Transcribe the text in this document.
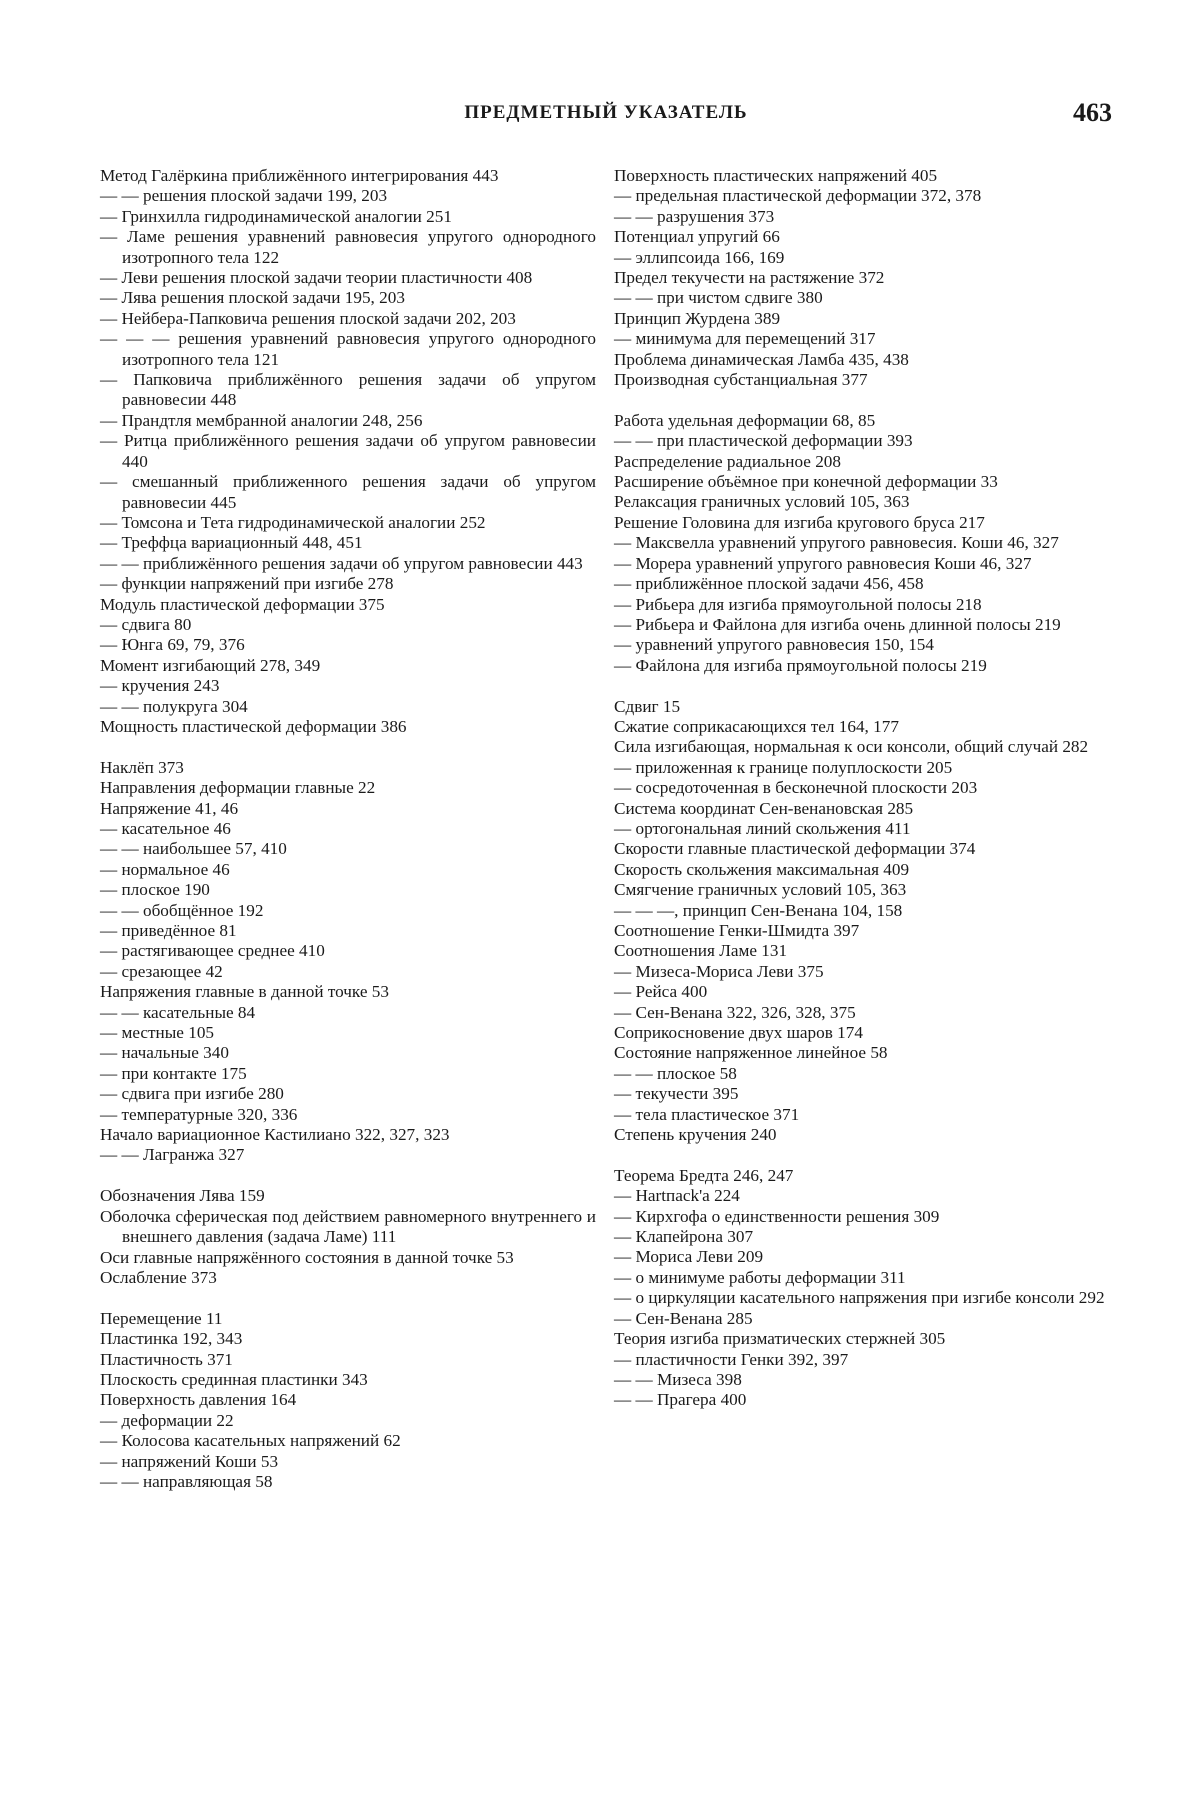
ПРЕДМЕТНЫЙ УКАЗАТЕЛЬ	463
Метод Галёркина приближённого интегрирования 443
— — решения плоской задачи 199, 203
— Гринхилла гидродинамической аналогии 251
— Ламе решения уравнений равновесия упругого однородного изотропного тела 122
— Леви решения плоской задачи теории пластичности 408
— Лява решения плоской задачи 195, 203
— Нейбера-Папковича решения плоской задачи 202, 203
— — — решения уравнений равновесия упругого однородного изотропного тела 121
— Папковича приближённого решения задачи об упругом равновесии 448
— Прандтля мембранной аналогии 248, 256
— Ритца приближённого решения задачи об упругом равновесии 440
— смешанный приближенного решения задачи об упругом равновесии 445
— Томсона и Тета гидродинамической аналогии 252
— Треффца вариационный 448, 451
— — приближённого решения задачи об упругом равновесии 443
— функции напряжений при изгибе 278
Модуль пластической деформации 375
— сдвига 80
— Юнга 69, 79, 376
Момент изгибающий 278, 349
— кручения 243
— — полукруга 304
Мощность пластической деформации 386
Наклёп 373
Направления деформации главные 22
Напряжение 41, 46
— касательное 46
— — наибольшее 57, 410
— нормальное 46
— плоское 190
— — обобщённое 192
— приведённое 81
— растягивающее среднее 410
— срезающее 42
Напряжения главные в данной точке 53
— — касательные 84
— местные 105
— начальные 340
— при контакте 175
— сдвига при изгибе 280
— температурные 320, 336
Начало вариационное Кастилиано 322, 327, 323
— — Лагранжа 327
Обозначения Лява 159
Оболочка сферическая под действием равномерного внутреннего и внешнего давления (задача Ламе) 111
Оси главные напряжённого состояния в данной точке 53
Ослабление 373
Перемещение 11
Пластинка 192, 343
Пластичность 371
Плоскость срединная пластинки 343
Поверхность давления 164
— деформации 22
— Колосова касательных напряжений 62
— напряжений Коши 53
— — направляющая 58
Поверхность пластических напряжений 405
— предельная пластической деформации 372, 378
— — разрушения 373
Потенциал упругий 66
— эллипсоида 166, 169
Предел текучести на растяжение 372
— — при чистом сдвиге 380
Принцип Журдена 389
— минимума для перемещений 317
Проблема динамическая Ламба 435, 438
Производная субстанциальная 377
Работа удельная деформации 68, 85
— — при пластической деформации 393
Распределение радиальное 208
Расширение объёмное при конечной деформации 33
Релаксация граничных условий 105, 363
Решение Головина для изгиба кругового бруса 217
— Максвелла уравнений упругого равновесия. Коши 46, 327
— Морера уравнений упругого равновесия Коши 46, 327
— приближённое плоской задачи 456, 458
— Рибьера для изгиба прямоугольной полосы 218
— Рибьера и Файлона для изгиба очень длинной полосы 219
— уравнений упругого равновесия 150, 154
— Файлона для изгиба прямоугольной полосы 219
Сдвиг 15
Сжатие соприкасающихся тел 164, 177
Сила изгибающая, нормальная к оси консоли, общий случай 282
— приложенная к границе полуплоскости 205
— сосредоточенная в бесконечной плоскости 203
Система координат Сен-венановская 285
— ортогональная линий скольжения 411
Скорости главные пластической деформации 374
Скорость скольжения максимальная 409
Смягчение граничных условий 105, 363
— — —, принцип Сен-Венана 104, 158
Соотношение Генки-Шмидта 397
Соотношения Ламе 131
— Мизеса-Мориса Леви 375
— Рейса 400
— Сен-Венана 322, 326, 328, 375
Соприкосновение двух шаров 174
Состояние напряженное линейное 58
— — плоское 58
— текучести 395
— тела пластическое 371
Степень кручения 240
Теорема Бредта 246, 247
— Hartпack'a 224
— Кирхгофа о единственности решения 309
— Клапейрона 307
— Мориса Леви 209
— о минимуме работы деформации 311
— о циркуляции касательного напряжения при изгибе консоли 292
— Сен-Венана 285
Теория изгиба призматических стержней 305
— пластичности Генки 392, 397
— — Мизеса 398
— — Прагера 400
